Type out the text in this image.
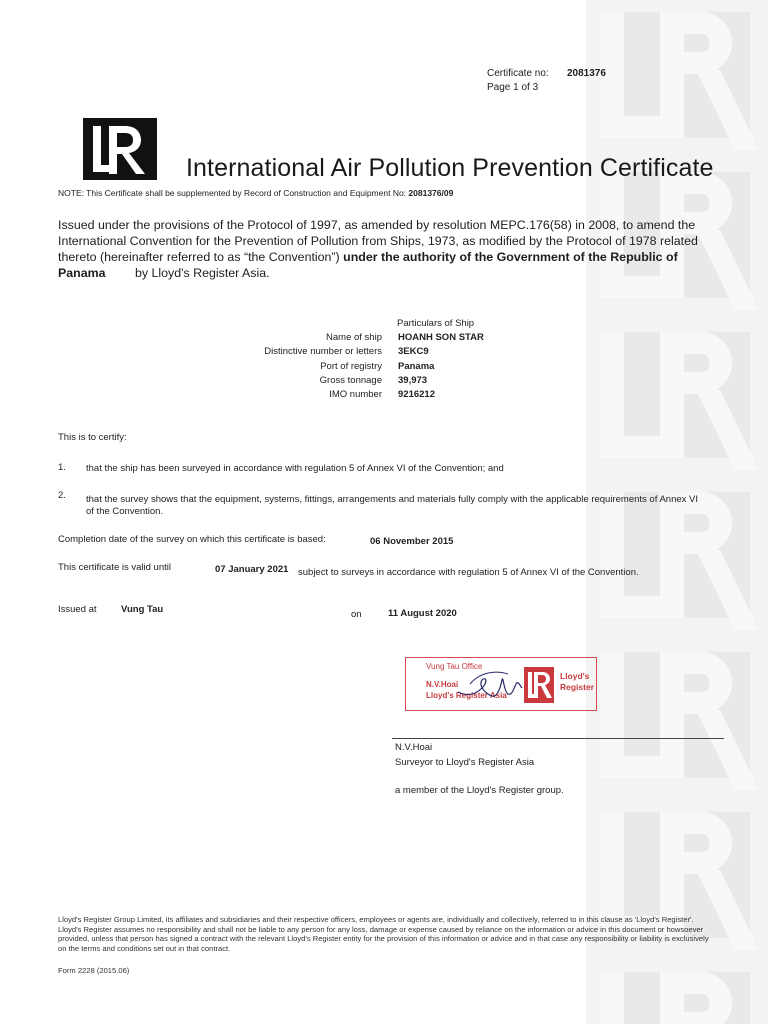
Certificate no: 2081376
Page 1 of 3
International Air Pollution Prevention Certificate
NOTE: This Certificate shall be supplemented by Record of Construction and Equipment No: 2081376/09
Issued under the provisions of the Protocol of 1997, as amended by resolution MEPC.176(58) in 2008, to amend the International Convention for the Prevention of Pollution from Ships, 1973, as modified by the Protocol of 1978 related thereto (hereinafter referred to as “the Convention”) under the authority of the Government of the Republic of Panama by Lloyd's Register Asia.
Particulars of Ship
Name of ship HOANH SON STAR
Distinctive number or letters 3EKC9
Port of registry Panama
Gross tonnage 39,973
IMO number 9216212
This is to certify:
1. that the ship has been surveyed in accordance with regulation 5 of Annex VI of the Convention; and
2. that the survey shows that the equipment, systems, fittings, arrangements and materials fully comply with the applicable requirements of Annex VI of the Convention.
Completion date of the survey on which this certificate is based:	06 November 2015
This certificate is valid until	07 January 2021 subject to surveys in accordance with regulation 5 of Annex VI of the Convention.
Issued at	Vung Tau	on	11 August 2020
Vung Tau Office
N.V.Hoai
Lloyd's Register Asia
Lloyd's
Register
N.V.Hoai
Surveyor to Lloyd's Register Asia
a member of the Lloyd's Register group.
Lloyd's Register Group Limited, its affiliates and subsidiaries and their respective officers, employees or agents are, individually and collectively, referred to in this clause as 'Lloyd's Register'. Lloyd's Register assumes no responsibility and shall not be liable to any person for any loss, damage or expense caused by reliance on the information or advice in this document or howsoever provided, unless that person has signed a contract with the relevant Lloyd's Register entity for the provision of this information or advice and in that case any responsibility or liability is exclusively on the terms and conditions set out in that contract.
Form 2228 (2015.06)
